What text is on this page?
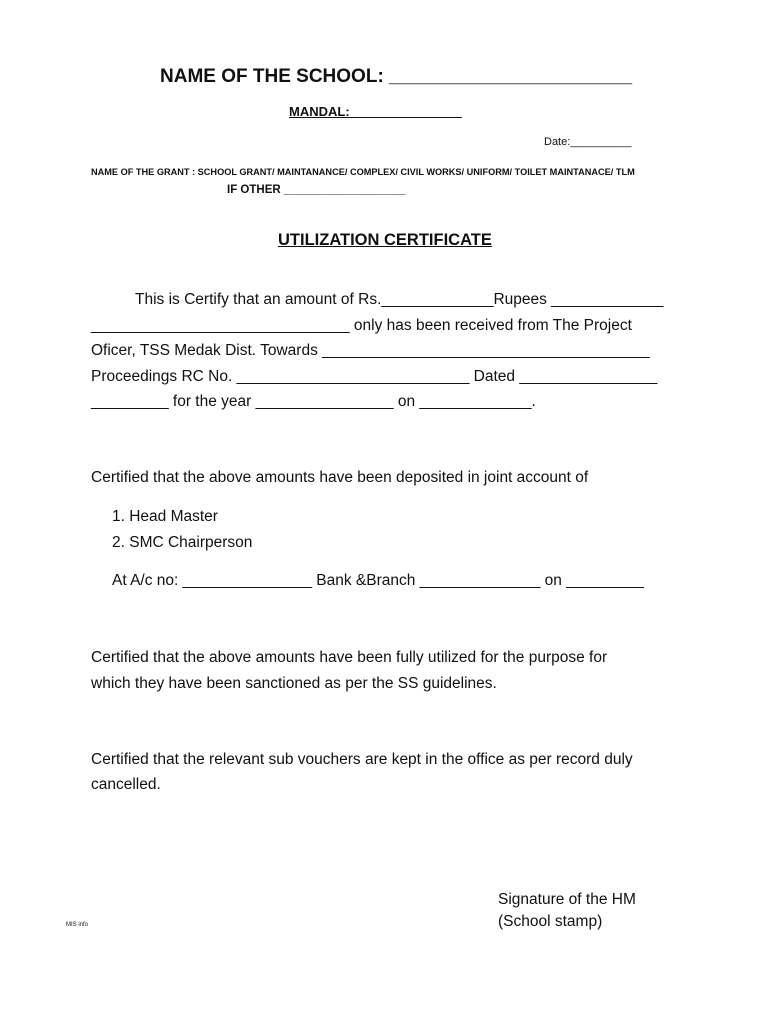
NAME OF THE SCHOOL: _______________________
MANDAL: _______________
Date:__________
NAME OF THE GRANT : SCHOOL GRANT/ MAINTANANCE/ COMPLEX/ CIVIL WORKS/ UNIFORM/ TOILET MAINTANACE/ TLM
IF OTHER ___________________
UTILIZATION CERTIFICATE
This is Certify that an amount of Rs._____________Rupees _____________
______________________________ only has been received from The Project
Oficer, TSS Medak Dist. Towards ______________________________________
Proceedings RC No. ___________________________ Dated ________________
_________ for the year ________________ on _____________.
Certified that the above amounts have been deposited in joint account of
1. Head Master
2. SMC Chairperson
At A/c no: _______________ Bank &Branch ______________ on _________
Certified that the above amounts have been fully utilized for the purpose for
which they have been sanctioned as per the SS guidelines.
Certified that the relevant sub vouchers are kept in the office as per record duly
cancelled.
Signature of the HM
(School stamp)
MIS info
